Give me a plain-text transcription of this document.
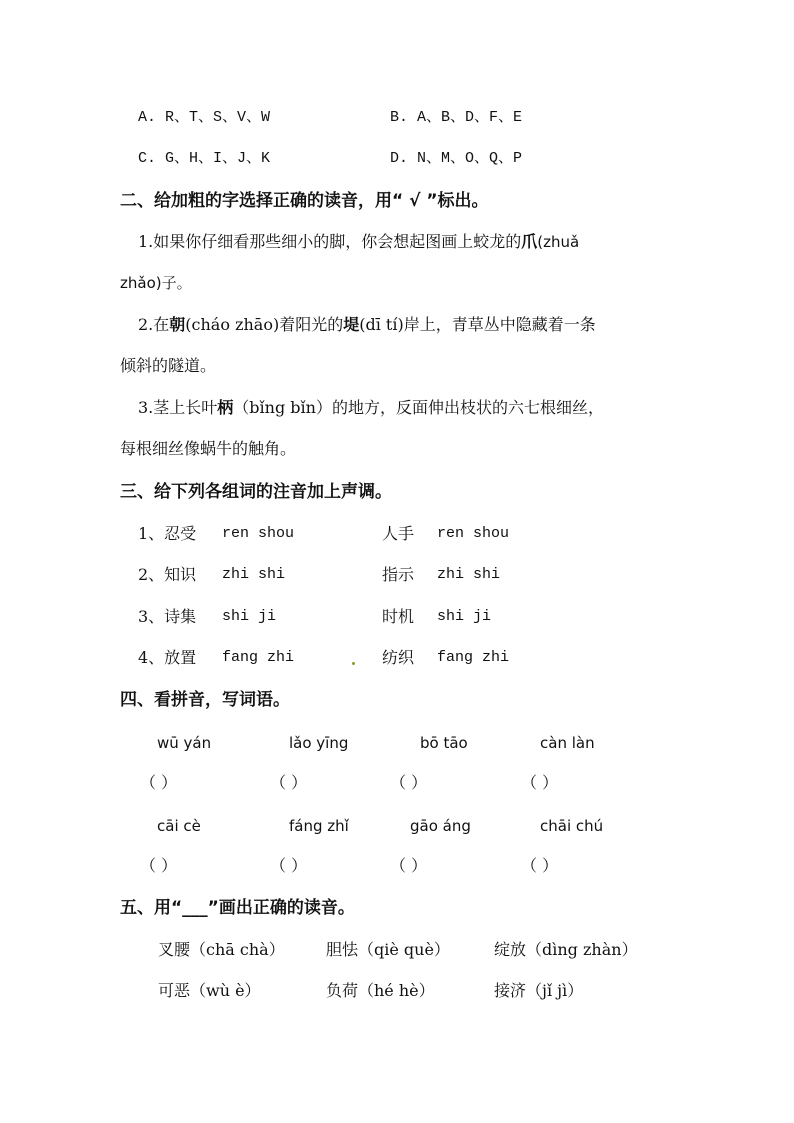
A. R、T、S、V、W	B. A、B、D、F、E
C. G、H、I、J、K	D. N、M、O、Q、P
二、给加粗的字选择正确的读音，用“ √ ”标出。
1.如果你仔细看那些细小的脚，你会想起图画上蛟龙的爪(zhuǎ
zhǎo)子。
2.在朝(cháo zhāo)着阳光的堤(dī tí)岸上，青草丛中隐藏着一条
倾斜的隧道。
3.茎上长叶柄（bǐng bǐn）的地方，反面伸出枝状的六七根细丝，
每根细丝像蜗牛的触角。
三、给下列各组词的注音加上声调。
1、忍受 ren shou	人手 ren shou
2、知识 zhi shi	指示 zhi shi
3、诗集 shi ji	时机 shi ji
4、放置 fang zhi	纺织 fang zhi
四、看拼音，写词语。
wū yán	lǎo yīng	bō tāo	càn làn
（ ）	（ ）	（ ）	（ ）
cāi cè	fáng zhǐ	gāo áng	chāi chú
（ ）	（ ）	（ ）	（ ）
五、用“___”画出正确的读音。
叉腰（chā chà）	胆怯（qiè què）	绽放（dìng zhàn）
可恶（wù è）	负荷（hé hè）	接济（jǐ jì）
